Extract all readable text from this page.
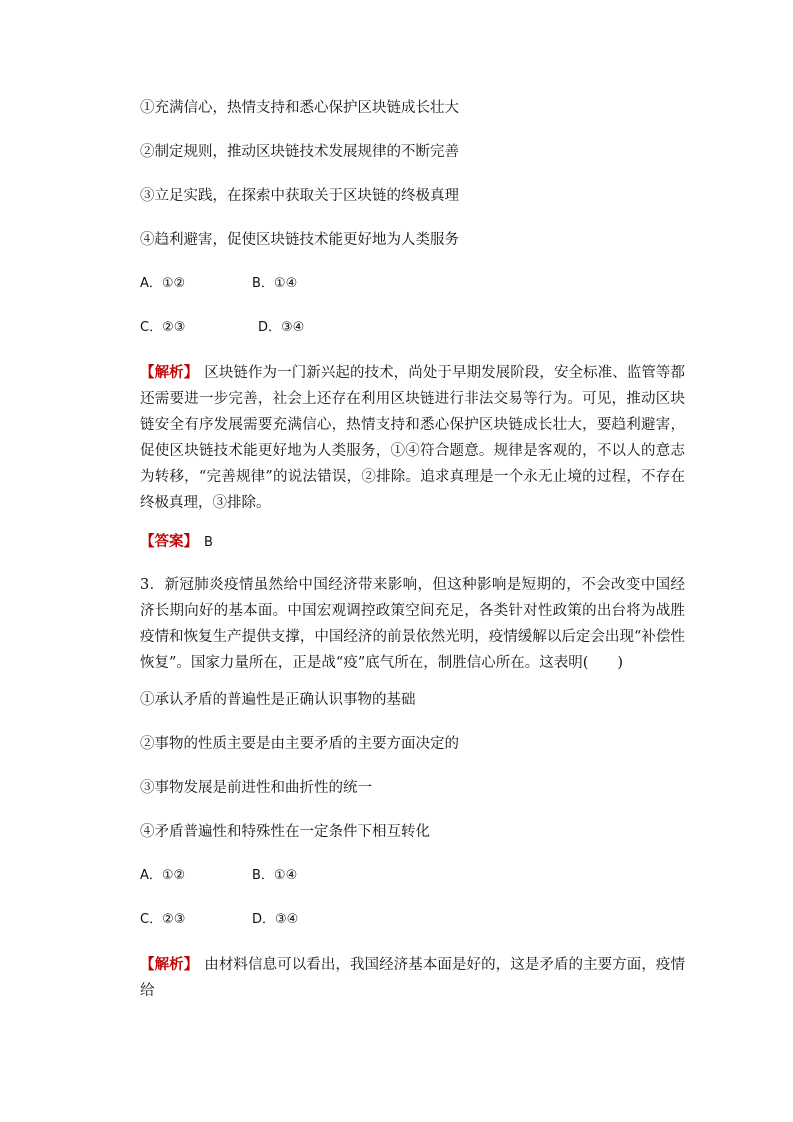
①充满信心，热情支持和悉心保护区块链成长壮大
②制定规则，推动区块链技术发展规律的不断完善
③立足实践，在探索中获取关于区块链的终极真理
④趋利避害，促使区块链技术能更好地为人类服务
A．①②	B．①④
C．②③	D．③④
【解析】 区块链作为一门新兴起的技术，尚处于早期发展阶段，安全标准、监管等都还需要进一步完善，社会上还存在利用区块链进行非法交易等行为。可见，推动区块链安全有序发展需要充满信心，热情支持和悉心保护区块链成长壮大，要趋利避害，促使区块链技术能更好地为人类服务，①④符合题意。规律是客观的，不以人的意志为转移，“完善规律”的说法错误，②排除。追求真理是一个永无止境的过程，不存在终极真理，③排除。
【答案】 B
3．新冠肺炎疫情虽然给中国经济带来影响，但这种影响是短期的，不会改变中国经济长期向好的基本面。中国宏观调控政策空间充足，各类针对性政策的出台将为战胜疫情和恢复生产提供支撑，中国经济的前景依然光明，疫情缓解以后定会出现“补偿性恢复”。国家力量所在，正是战“疫”底气所在，制胜信心所在。这表明(　　)
①承认矛盾的普遍性是正确认识事物的基础
②事物的性质主要是由主要矛盾的主要方面决定的
③事物发展是前进性和曲折性的统一
④矛盾普遍性和特殊性在一定条件下相互转化
A．①②	B．①④
C．②③	D．③④
【解析】 由材料信息可以看出，我国经济基本面是好的，这是矛盾的主要方面，疫情给
